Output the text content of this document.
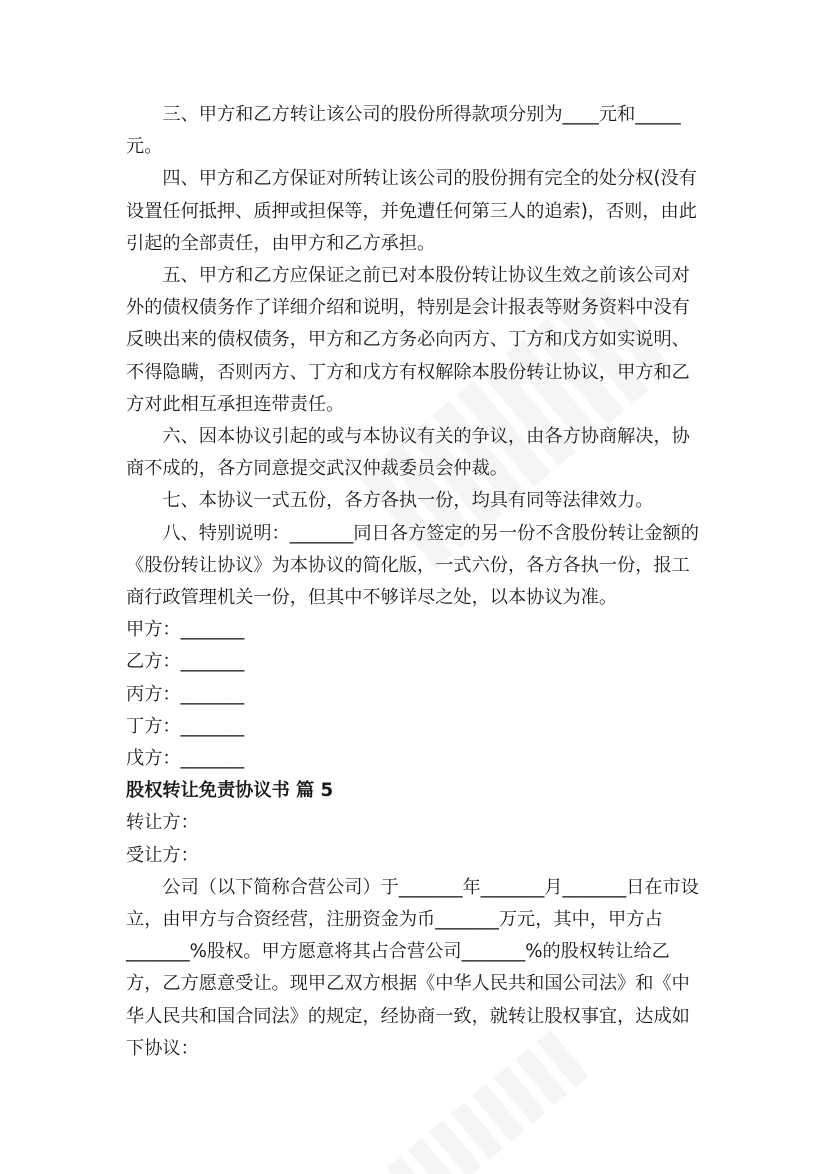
三、甲方和乙方转让该公司的股份所得款项分别为____元和_____元。

四、甲方和乙方保证对所转让该公司的股份拥有完全的处分权(没有设置任何抵押、质押或担保等，并免遭任何第三人的追索)，否则，由此引起的全部责任，由甲方和乙方承担。

五、甲方和乙方应保证之前已对本股份转让协议生效之前该公司对外的债权债务作了详细介绍和说明，特别是会计报表等财务资料中没有反映出来的债权债务，甲方和乙方务必向丙方、丁方和戊方如实说明、不得隐瞒，否则丙方、丁方和戊方有权解除本股份转让协议，甲方和乙方对此相互承担连带责任。

六、因本协议引起的或与本协议有关的争议，由各方协商解决，协商不成的，各方同意提交武汉仲裁委员会仲裁。

七、本协议一式五份，各方各执一份，均具有同等法律效力。

八、特别说明：_______同日各方签定的另一份不含股份转让金额的《股份转让协议》为本协议的简化版，一式六份，各方各执一份，报工商行政管理机关一份，但其中不够详尽之处，以本协议为准。

甲方：_______

乙方：_______

丙方：_______

丁方：_______

戊方：_______

股权转让免责协议书 篇 5

转让方：

受让方：

公司（以下简称合营公司）于_______年_______月_______日在市设立，由甲方与合资经营，注册资金为币_______万元，其中，甲方占_______%股权。甲方愿意将其占合营公司_______%的股权转让给乙方，乙方愿意受让。现甲乙双方根据《中华人民共和国公司法》和《中华人民共和国合同法》的规定，经协商一致，就转让股权事宜，达成如下协议：
